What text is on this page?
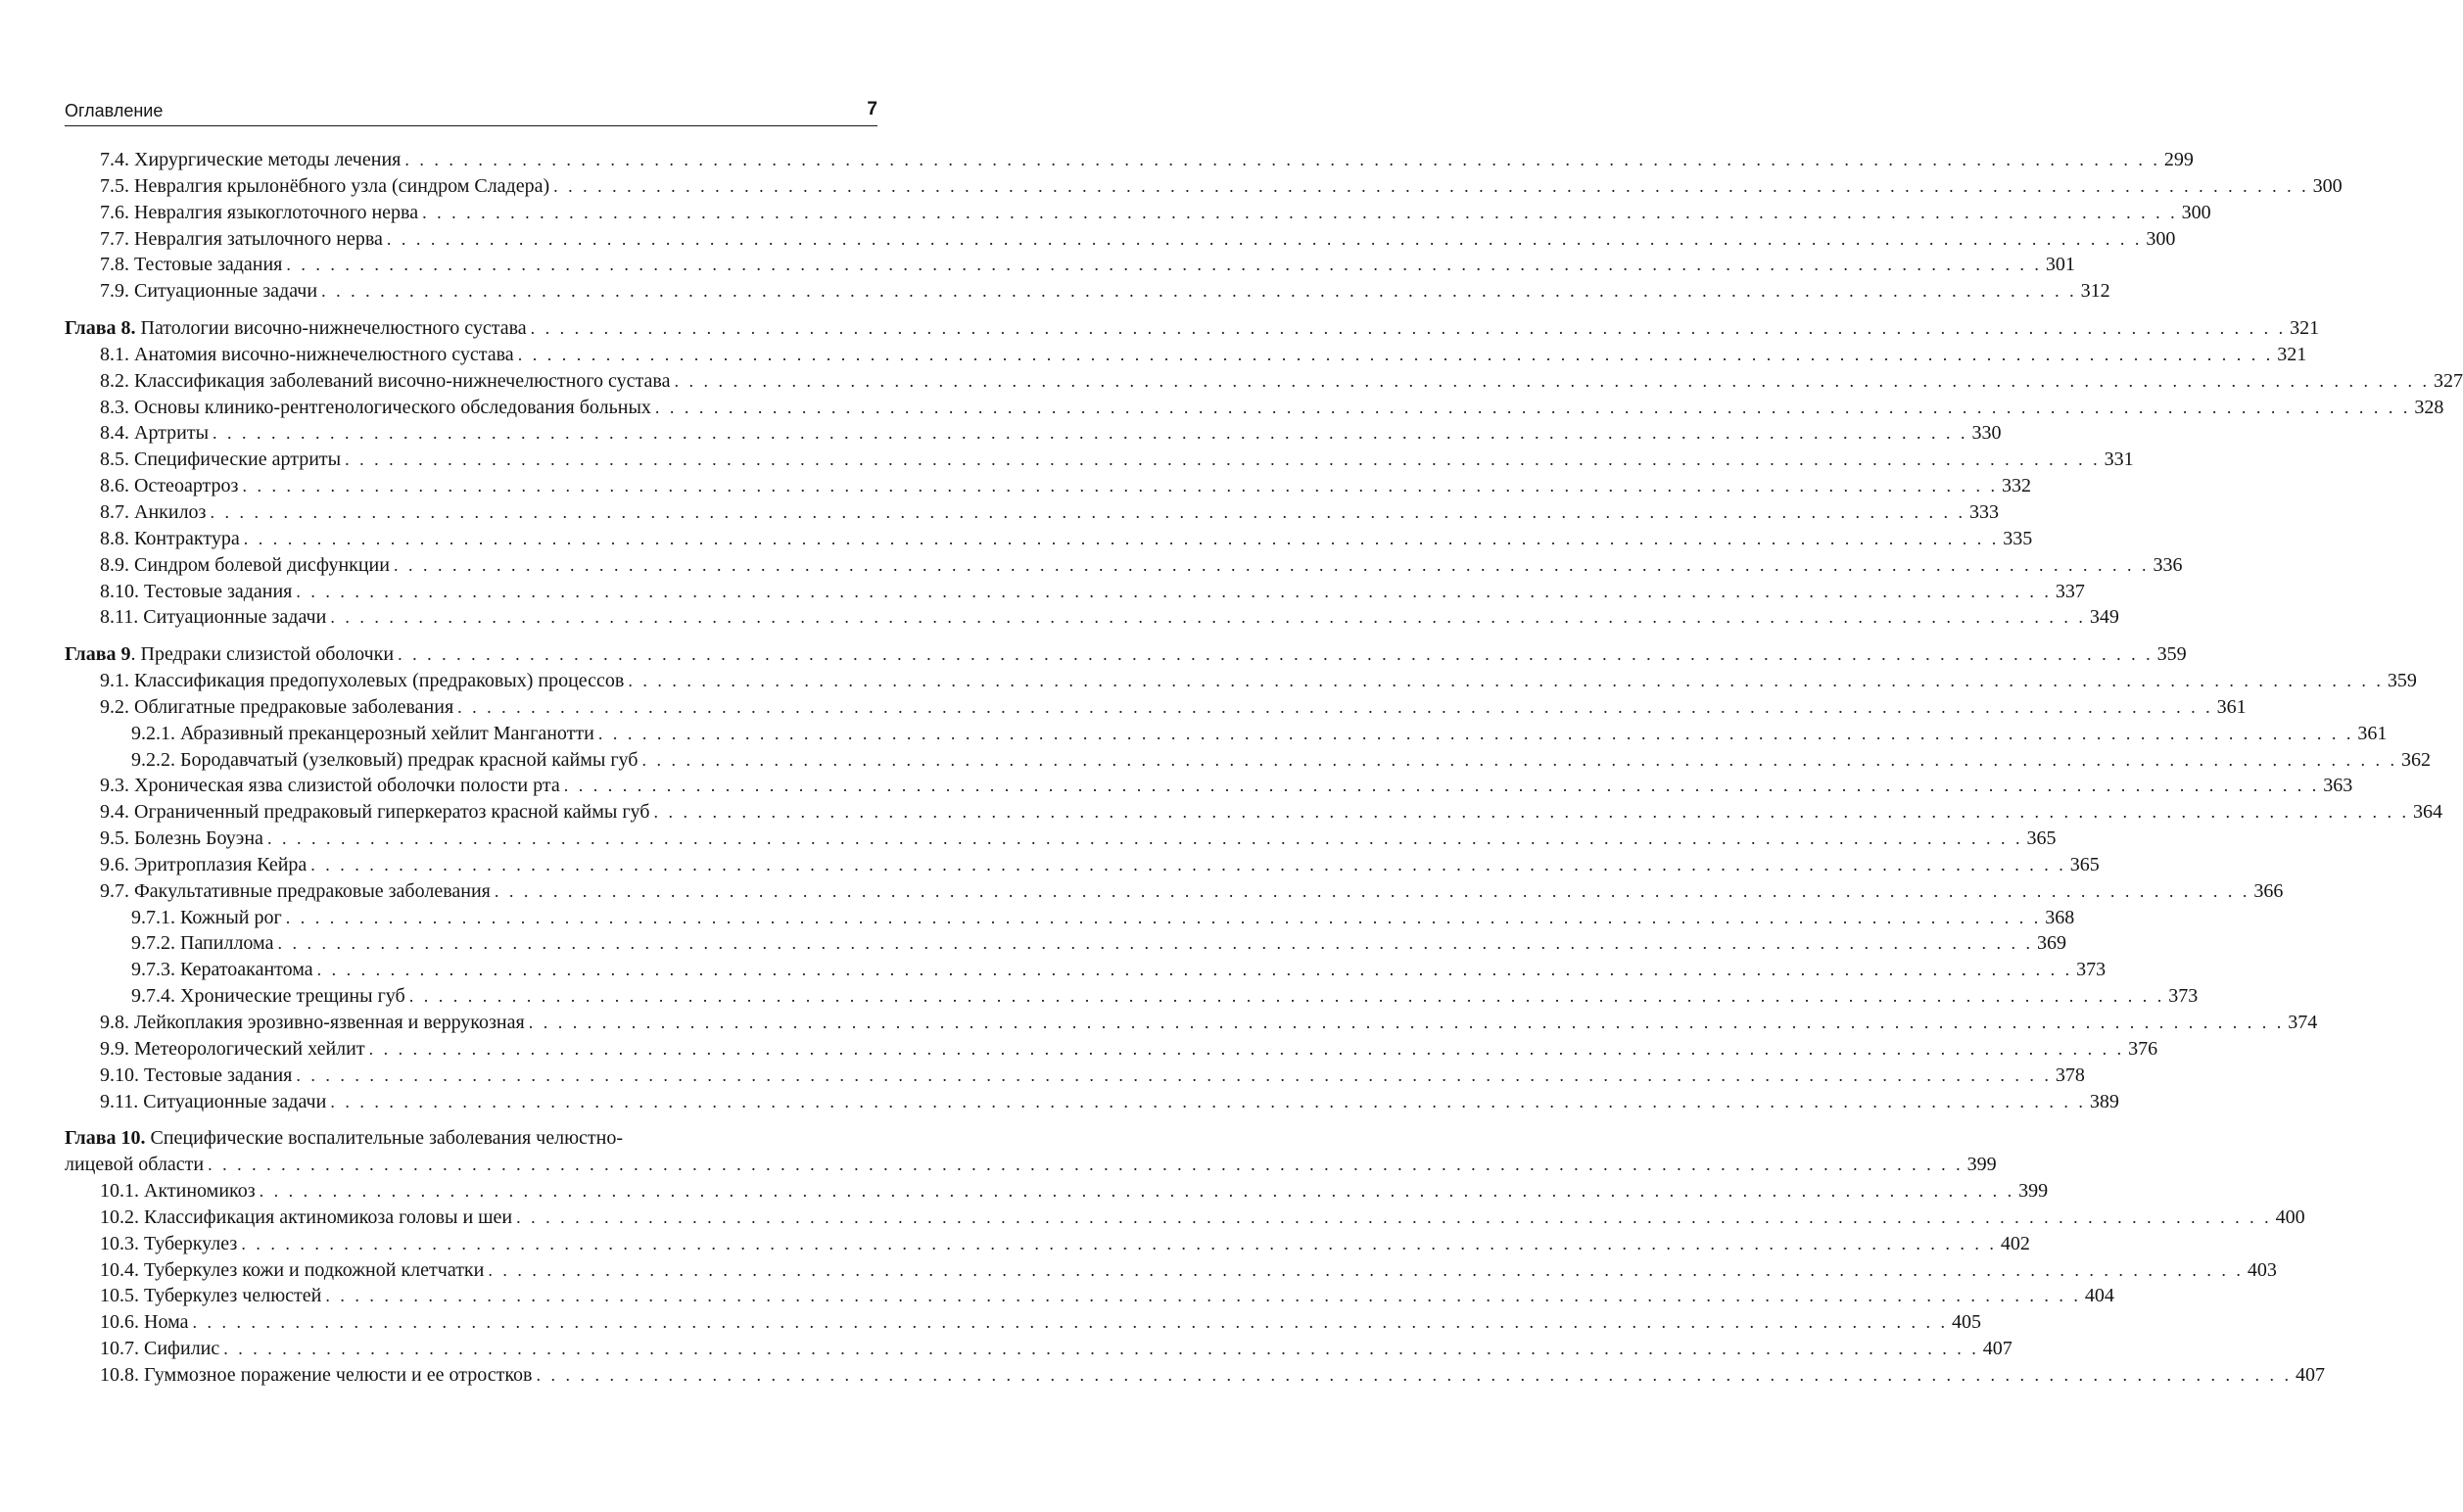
Оглавление	7
7.4. Хирургические методы лечения . . .	299
7.5. Невралгия крылонёбного узла (синдром Сладера) . . .	300
7.6. Невралгия языкоглоточного нерва . . .	300
7.7. Невралгия затылочного нерва . . .	300
7.8. Тестовые задания . . .	301
7.9. Ситуационные задачи . . .	312
Глава 8. Патологии височно-нижнечелюстного сустава . . .	321
8.1. Анатомия височно-нижнечелюстного сустава . . .	321
8.2. Классификация заболеваний височно-нижнечелюстного сустава . . .	327
8.3. Основы клинико-рентгенологического обследования больных . . .	328
8.4. Артриты . . .	330
8.5. Специфические артриты . . .	331
8.6. Остеоартроз . . .	332
8.7. Анкилоз . . .	333
8.8. Контрактура . . .	335
8.9. Синдром болевой дисфункции . . .	336
8.10. Тестовые задания . . .	337
8.11. Ситуационные задачи . . .	349
Глава 9. Предраки слизистой оболочки . . .	359
9.1. Классификация предопухолевых (предраковых) процессов . . .	359
9.2. Облигатные предраковые заболевания . . .	361
9.2.1. Абразивный преканцерозный хейлит Манганотти . . .	361
9.2.2. Бородавчатый (узелковый) предрак красной каймы губ . . .	362
9.3. Хроническая язва слизистой оболочки полости рта . . .	363
9.4. Ограниченный предраковый гиперкератоз красной каймы губ . . .	364
9.5. Болезнь Боуэна . . .	365
9.6. Эритроплазия Кейра . . .	365
9.7. Факультативные предраковые заболевания . . .	366
9.7.1. Кожный рог . . .	368
9.7.2. Папиллома . . .	369
9.7.3. Кератоакантома . . .	373
9.7.4. Хронические трещины губ . . .	373
9.8. Лейкоплакия эрозивно-язвенная и веррукозная . . .	374
9.9. Метеорологический хейлит . . .	376
9.10. Тестовые задания . . .	378
9.11. Ситуационные задачи . . .	389
Глава 10. Специфические воспалительные заболевания челюстно-
лицевой области . . .	399
10.1. Актиномикоз . . .	399
10.2. Классификация актиномикоза головы и шеи . . .	400
10.3. Туберкулез . . .	402
10.4. Туберкулез кожи и подкожной клетчатки . . .	403
10.5. Туберкулез челюстей . . .	404
10.6. Нома . . .	405
10.7. Сифилис . . .	407
10.8. Гуммозное поражение челюсти и ее отростков . . .	407
